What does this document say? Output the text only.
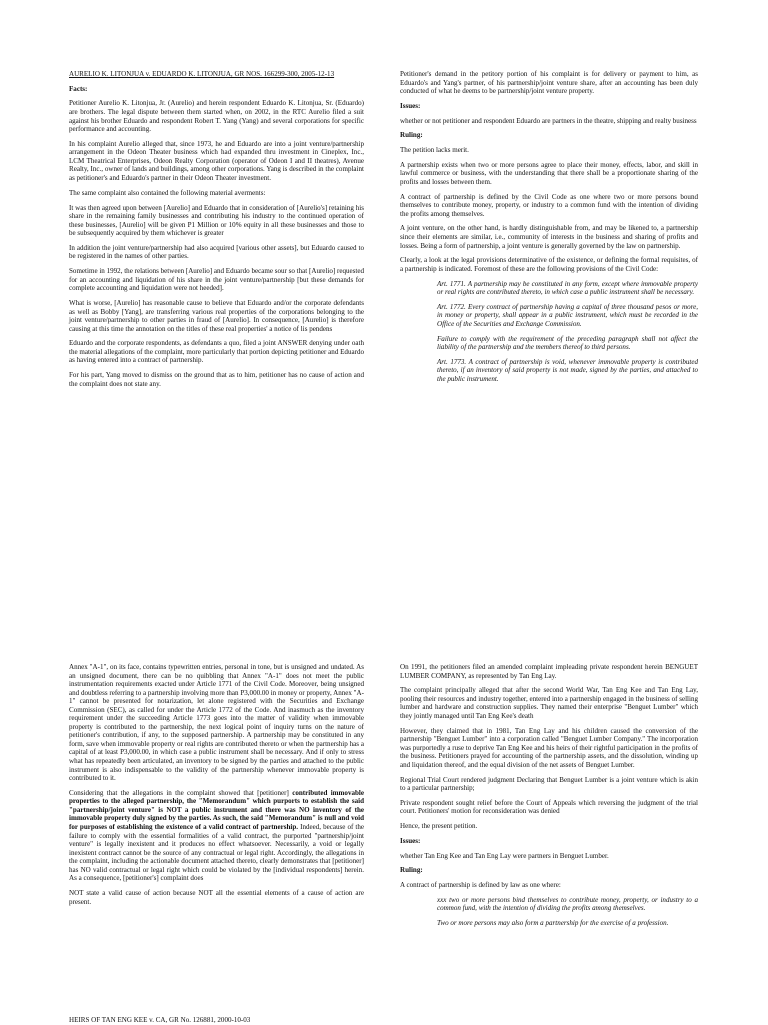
AURELIO K. LITONJUA v. EDUARDO K. LITONJUA, GR NOS. 166299-300, 2005-12-13

Facts:

Petitioner Aurelio K. Litonjua, Jr. (Aurelio) and herein respondent Eduardo K. Litonjua, Sr. (Eduardo) are brothers. The legal dispute between them started when, on 2002, in the RTC Aurelio filed a suit against his brother Eduardo and respondent Robert T. Yang (Yang) and several corporations for specific performance and accounting.

In his complaint Aurelio alleged that, since 1973, he and Eduardo are into a joint venture/partnership arrangement in the Odeon Theater business which had expanded thru investment in Cineplex, Inc., LCM Theatrical Enterprises, Odeon Realty Corporation (operator of Odeon I and II theatres), Avenue Realty, Inc., owner of lands and buildings, among other corporations. Yang is described in the complaint as petitioner's and Eduardo's partner in their Odeon Theater investment.

The same complaint also contained the following material averments:

It was then agreed upon between [Aurelio] and Eduardo that in consideration of [Aurelio's] retaining his share in the remaining family businesses and contributing his industry to the continued operation of these businesses, [Aurelio] will be given P1 Million or 10% equity in all these businesses and those to be subsequently acquired by them whichever is greater

In addition the joint venture/partnership had also acquired [various other assets], but Eduardo caused to be registered in the names of other parties.

Sometime in 1992, the relations between [Aurelio] and Eduardo became sour so that [Aurelio] requested for an accounting and liquidation of his share in the joint venture/partnership [but these demands for complete accounting and liquidation were not heeded].

What is worse, [Aurelio] has reasonable cause to believe that Eduardo and/or the corporate defendants as well as Bobby [Yang], are transferring various real properties of the corporations belonging to the joint venture/partnership to other parties in fraud of [Aurelio]. In consequence, [Aurelio] is therefore causing at this time the annotation on the titles of these real properties' a notice of lis pendens

Eduardo and the corporate respondents, as defendants a quo, filed a joint ANSWER denying under oath the material allegations of the complaint, more particularly that portion depicting petitioner and Eduardo as having entered into a contract of partnership.

For his part, Yang moved to dismiss on the ground that as to him, petitioner has no cause of action and the complaint does not state any.

Petitioner's demand in the petitory portion of his complaint is for delivery or payment to him, as Eduardo's and Yang's partner, of his partnership/joint venture share, after an accounting has been duly conducted of what he deems to be partnership/joint venture property.

Issues:

whether or not petitioner and respondent Eduardo are partners in the theatre, shipping and realty business

Ruling:

The petition lacks merit.

A partnership exists when two or more persons agree to place their money, effects, labor, and skill in lawful commerce or business, with the understanding that there shall be a proportionate sharing of the profits and losses between them.

A contract of partnership is defined by the Civil Code as one where two or more persons bound themselves to contribute money, property, or industry to a common fund with the intention of dividing the profits among themselves.

A joint venture, on the other hand, is hardly distinguishable from, and may be likened to, a partnership since their elements are similar, i.e., community of interests in the business and sharing of profits and losses. Being a form of partnership, a joint venture is generally governed by the law on partnership.

Clearly, a look at the legal provisions determinative of the existence, or defining the formal requisites, of a partnership is indicated. Foremost of these are the following provisions of the Civil Code:

Art. 1771. A partnership may be constituted in any form, except where immovable property or real rights are contributed thereto, in which case a public instrument shall be necessary.

Art. 1772. Every contract of partnership having a capital of three thousand pesos or more, in money or property, shall appear in a public instrument, which must be recorded in the Office of the Securities and Exchange Commission.

Failure to comply with the requirement of the preceding paragraph shall not affect the liability of the partnership and the members thereof to third persons.

Art. 1773. A contract of partnership is void, whenever immovable property is contributed thereto, if an inventory of said property is not made, signed by the parties, and attached to the public instrument.

Annex "A-1", on its face, contains typewritten entries, personal in tone, but is unsigned and undated. As an unsigned document, there can be no quibbling that Annex "A-1" does not meet the public instrumentation requirements exacted under Article 1771 of the Civil Code. Moreover, being unsigned and doubtless referring to a partnership involving more than P3,000.00 in money or property, Annex "A-1" cannot be presented for notarization, let alone registered with the Securities and Exchange Commission (SEC), as called for under the Article 1772 of the Code. And inasmuch as the inventory requirement under the succeeding Article 1773 goes into the matter of validity when immovable property is contributed to the partnership, the next logical point of inquiry turns on the nature of petitioner's contribution, if any, to the supposed partnership. A partnership may be constituted in any form, save when immovable property or real rights are contributed thereto or when the partnership has a capital of at least P3,000.00, in which case a public instrument shall be necessary. And if only to stress what has repeatedly been articulated, an inventory to be signed by the parties and attached to the public instrument is also indispensable to the validity of the partnership whenever immovable property is contributed to it.

Considering that the allegations in the complaint showed that [petitioner] contributed immovable properties to the alleged partnership, the "Memorandum" which purports to establish the said "partnership/joint venture" is NOT a public instrument and there was NO inventory of the immovable property duly signed by the parties. As such, the said "Memorandum" is null and void for purposes of establishing the existence of a valid contract of partnership. Indeed, because of the failure to comply with the essential formalities of a valid contract, the purported "partnership/joint venture" is legally inexistent and it produces no effect whatsoever. Necessarily, a void or legally inexistent contract cannot be the source of any contractual or legal right. Accordingly, the allegations in the complaint, including the actionable document attached thereto, clearly demonstrates that [petitioner] has NO valid contractual or legal right which could be violated by the [individual respondents] herein. As a consequence, [petitioner's] complaint does

NOT state a valid cause of action because NOT all the essential elements of a cause of action are present.

HEIRS OF TAN ENG KEE v. CA, GR No. 126881, 2000-10-03

On 1991, the petitioners filed an amended complaint impleading private respondent herein BENGUET LUMBER COMPANY, as represented by Tan Eng Lay.

The complaint principally alleged that after the second World War, Tan Eng Kee and Tan Eng Lay, pooling their resources and industry together, entered into a partnership engaged in the business of selling lumber and hardware and construction supplies. They named their enterprise "Benguet Lumber" which they jointly managed until Tan Eng Kee's death

However, they claimed that in 1981, Tan Eng Lay and his children caused the conversion of the partnership "Benguet Lumber" into a corporation called "Benguet Lumber Company." The incorporation was purportedly a ruse to deprive Tan Eng Kee and his heirs of their rightful participation in the profits of the business. Petitioners prayed for accounting of the partnership assets, and the dissolution, winding up and liquidation thereof, and the equal division of the net assets of Benguet Lumber.

Regional Trial Court rendered judgment Declaring that Benguet Lumber is a joint venture which is akin to a particular partnership;

Private respondent sought relief before the Court of Appeals which reversing the judgment of the trial court. Petitioners' motion for reconsideration was denied

Hence, the present petition.

Issues:

whether Tan Eng Kee and Tan Eng Lay were partners in Benguet Lumber.

Ruling:

A contract of partnership is defined by law as one where:

xxx two or more persons bind themselves to contribute money, property, or industry to a common fund, with the intention of dividing the profits among themselves.

Two or more persons may also form a partnership for the exercise of a profession.
